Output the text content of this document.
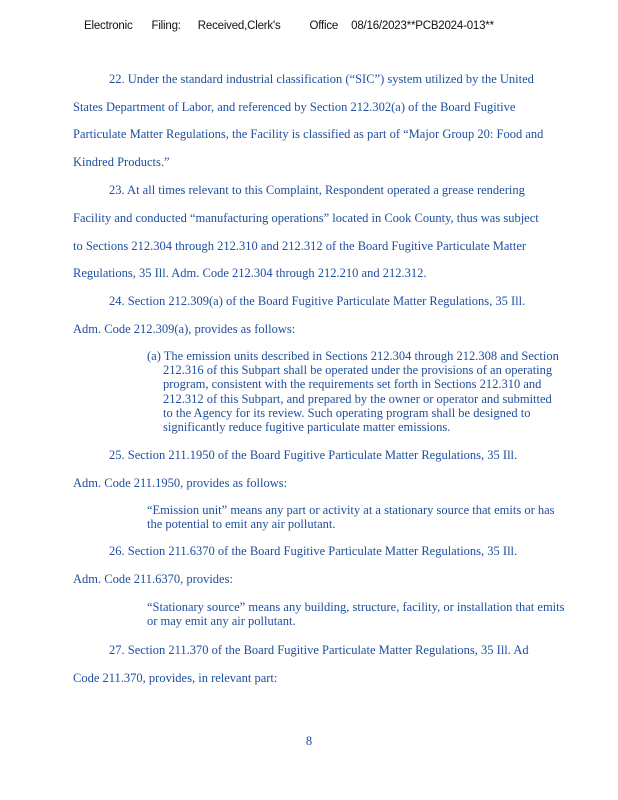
Electronic Filing: Received,Clerk's	Office 08/16/2023**PCB2024-013**
22. Under the standard industrial classification (“SIC”) system utilized by the United
States Department of Labor, and referenced by Section 212.302(a) of the Board Fugitive
Particulate Matter Regulations, the Facility is classified as part of “Major Group 20: Food and
Kindred Products.”
23. At all times relevant to this Complaint, Respondent operated a grease rendering
Facility and conducted “manufacturing operations” located in Cook County, thus was subject
to Sections 212.304 through 212.310 and 212.312 of the Board Fugitive Particulate Matter
Regulations, 35 Ill. Adm. Code 212.304 through 212.210 and 212.312.
24. Section 212.309(a) of the Board Fugitive Particulate Matter Regulations, 35 Ill.
Adm. Code 212.309(a), provides as follows:
(a) The emission units described in Sections 212.304 through 212.308 and Section
212.316 of this Subpart shall be operated under the provisions of an operating
program, consistent with the requirements set forth in Sections 212.310 and
212.312 of this Subpart, and prepared by the owner or operator and submitted
to the Agency for its review. Such operating program shall be designed to
significantly reduce fugitive particulate matter emissions.
25. Section 211.1950 of the Board Fugitive Particulate Matter Regulations, 35 Ill.
Adm. Code 211.1950, provides as follows:
“Emission unit” means any part or activity at a stationary source that emits or has
the potential to emit any air pollutant.
26. Section 211.6370 of the Board Fugitive Particulate Matter Regulations, 35 Ill.
Adm. Code 211.6370, provides:
“Stationary source” means any building, structure, facility, or installation that emits
or may emit any air pollutant.
27. Section 211.370 of the Board Fugitive Particulate Matter Regulations, 35 Ill. Ad
Code 211.370, provides, in relevant part:
8
